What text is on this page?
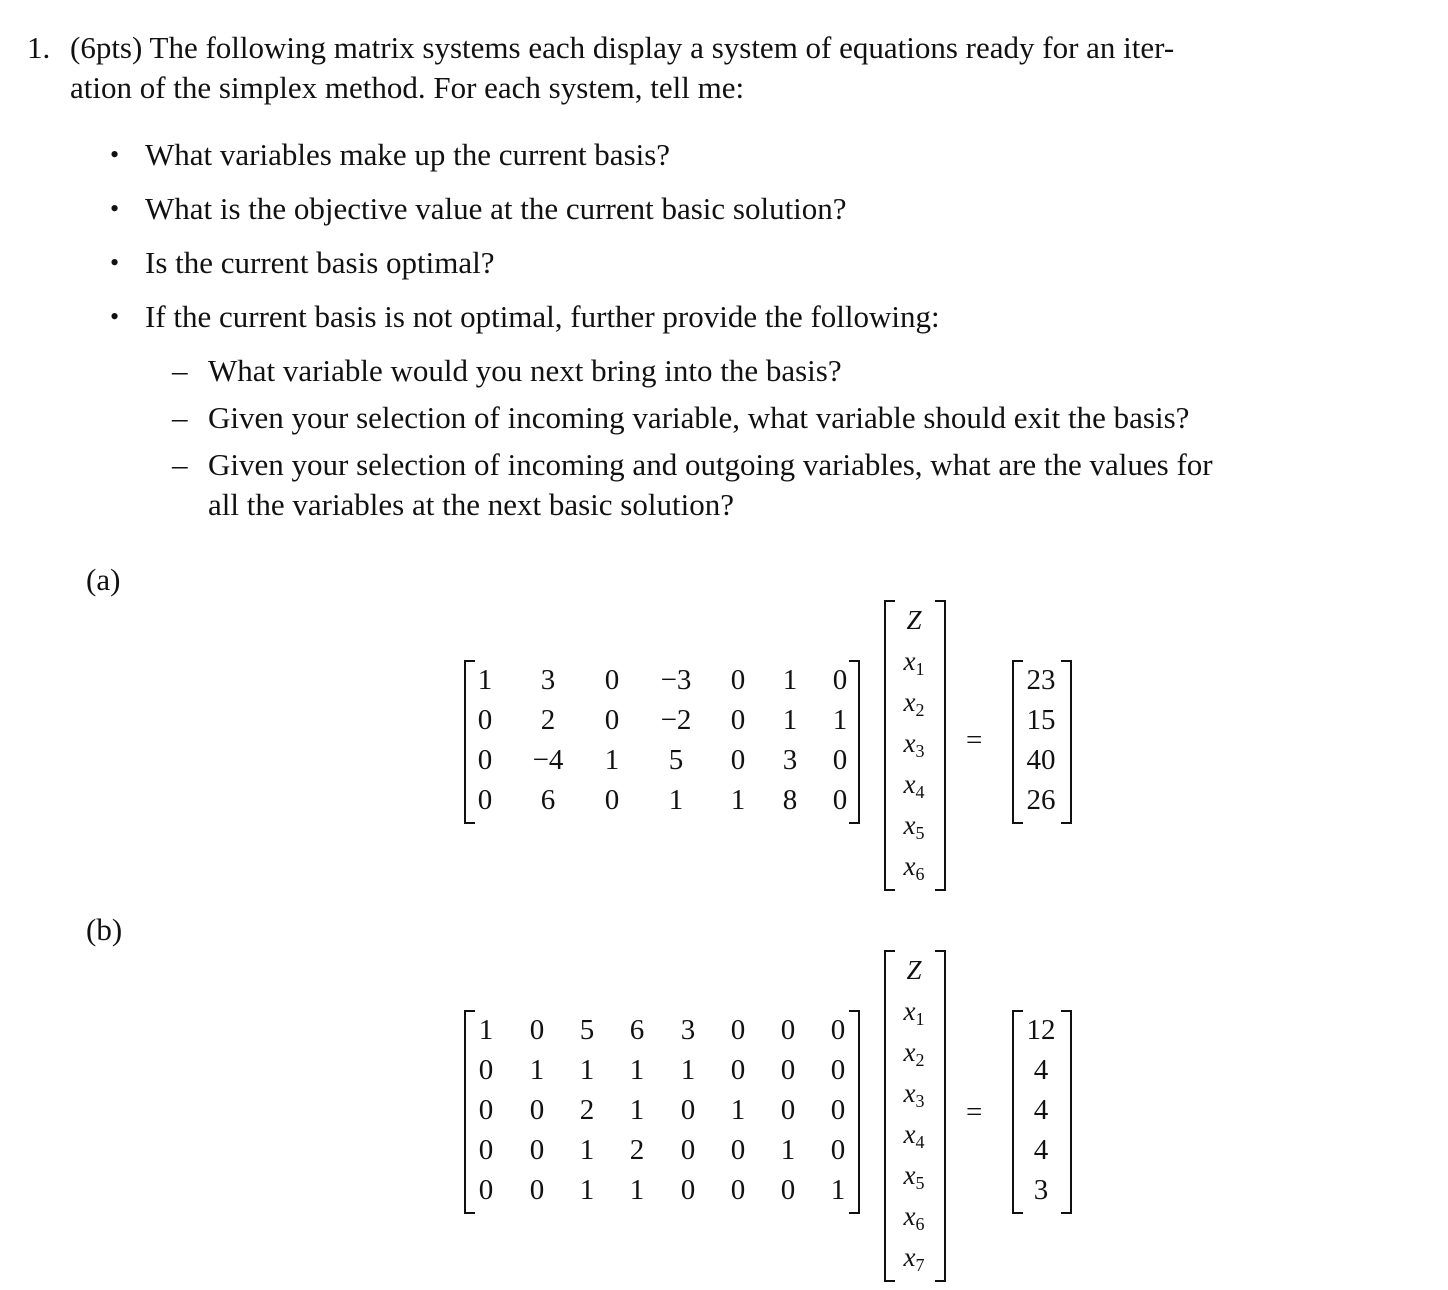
1. (6pts) The following matrix systems each display a system of equations ready for an iter-
ation of the simplex method. For each system, tell me:
• What variables make up the current basis?
• What is the objective value at the current basic solution?
• Is the current basis optimal?
• If the current basis is not optimal, further provide the following:
– What variable would you next bring into the basis?
– Given your selection of incoming variable, what variable should exit the basis?
– Given your selection of incoming and outgoing variables, what are the values for
all the variables at the next basic solution?
(a)
1	3	0	−3	0	1	0
0	2	0	−2	0	1	1
0	−4	1	5	0	3	0
0	6	0	1	1	8	0
Z
$x_1$
$x_2$
$x_3$
$x_4$
$x_5$
$x_6$
=
23
15
40
26
(b)
1	0	5	6	3	0	0	0
0	1	1	1	1	0	0	0
0	0	2	1	0	1	0	0
0	0	1	2	0	0	1	0
0	0	1	1	0	0	0	1
Z
$x_1$
$x_2$
$x_3$
$x_4$
$x_5$
$x_6$
$x_7$
=
12
4
4
4
3
